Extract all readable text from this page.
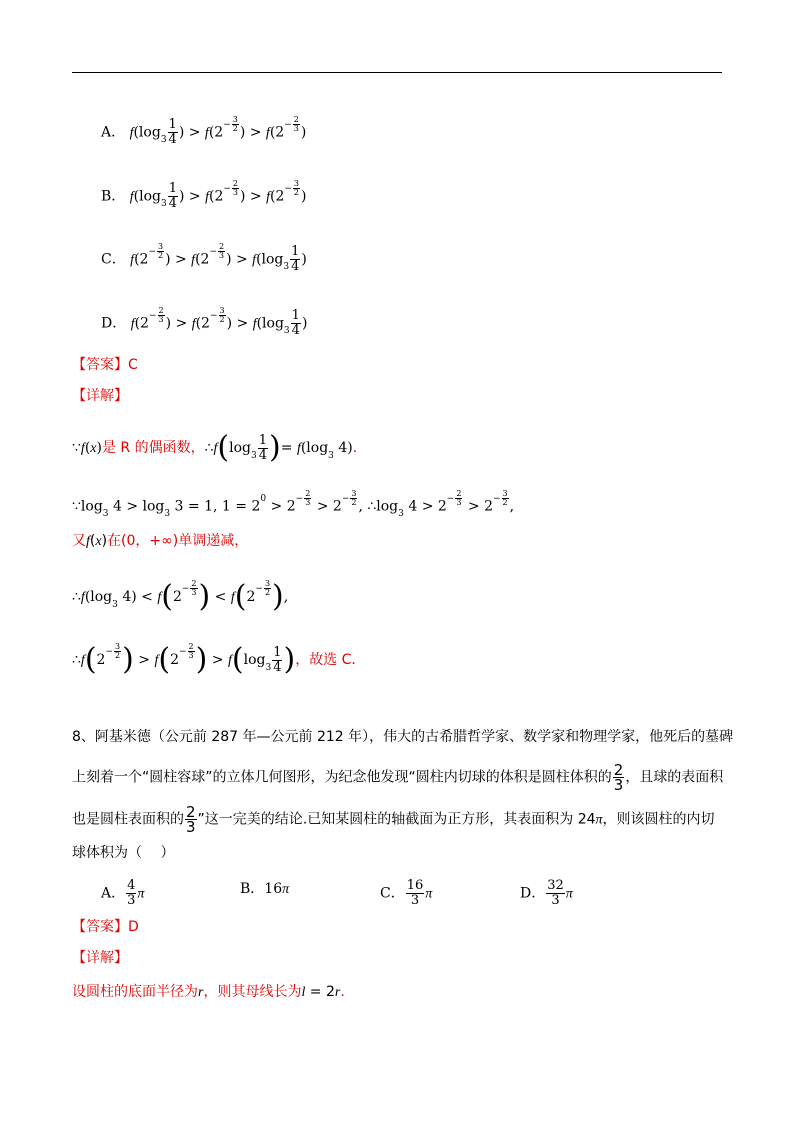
A． $f(\log_3 \frac{1}{4}$ ) > $f(2^{- \frac{3}{2}}$ ) > $f(2^{- \frac{2}{3}}$ )
B． $f(\log_3 \frac{1}{4}$ ) > $f(2^{- \frac{2}{3}}$ ) > $f(2^{- \frac{3}{2}}$ )
C． $f(2^{- \frac{3}{2}}$ ) > $f(2^{- \frac{2}{3}}$ ) > $f(\log_3 \frac{1}{4}$ )
D． $f(2^{- \frac{2}{3}}$ ) > $f(2^{- \frac{3}{2}}$ ) > $f(\log_3 \frac{1}{4}$ )
【答案】C
【详解】
∵f(x)是 R 的偶函数，$\therefore f(\log_3 \frac{1}{4}$ )= $f(\log_3$ 4).
$\because\log_3$ $4 > \log_3 3 = 1$, $1 = 2^0 > 2^{- \frac{2}{3}} > 2^{- \frac{3}{2}}$ , $\therefore\log_3$ $4 > 2^{- \frac{2}{3}} > 2^{- \frac{3}{2}}$ ,
又f(x)在(0，+∞)单调递减，
$\therefore f(\log_3$ $4) < f(2^{- \frac{2}{3}}$ ) < $f(2^{- \frac{3}{2}}$ ),
$\therefore f(2^{- \frac{3}{2}}$ ) > $f(2^{- \frac{2}{3}}$ ) > $f(\log_3 \frac{1}{4}$ )，故选 C．
8、阿基米德（公元前 287 年—公元前 212 年），伟大的古希腊哲学家、数学家和物理学家，他死后的墓碑
上刻着一个“圆柱容球”的立体几何图形，为纪念他发现“圆柱内切球的体积是圆柱体积的 $\frac{2}{3}$ ，且球的表面积
也是圆柱表面积的 $\frac{2}{3}$ ”这一完美的结论.已知某圆柱的轴截面为正方形，其表面积为 24π，则该圆柱的内切
球体积为（　 ）
A． $\frac{4}{3}$ π	B．16π	C． $\frac{16}{3}$ π	D． $\frac{32}{3}$ π
【答案】D
【详解】
设圆柱的底面半径为r，则其母线长为l = 2r.
